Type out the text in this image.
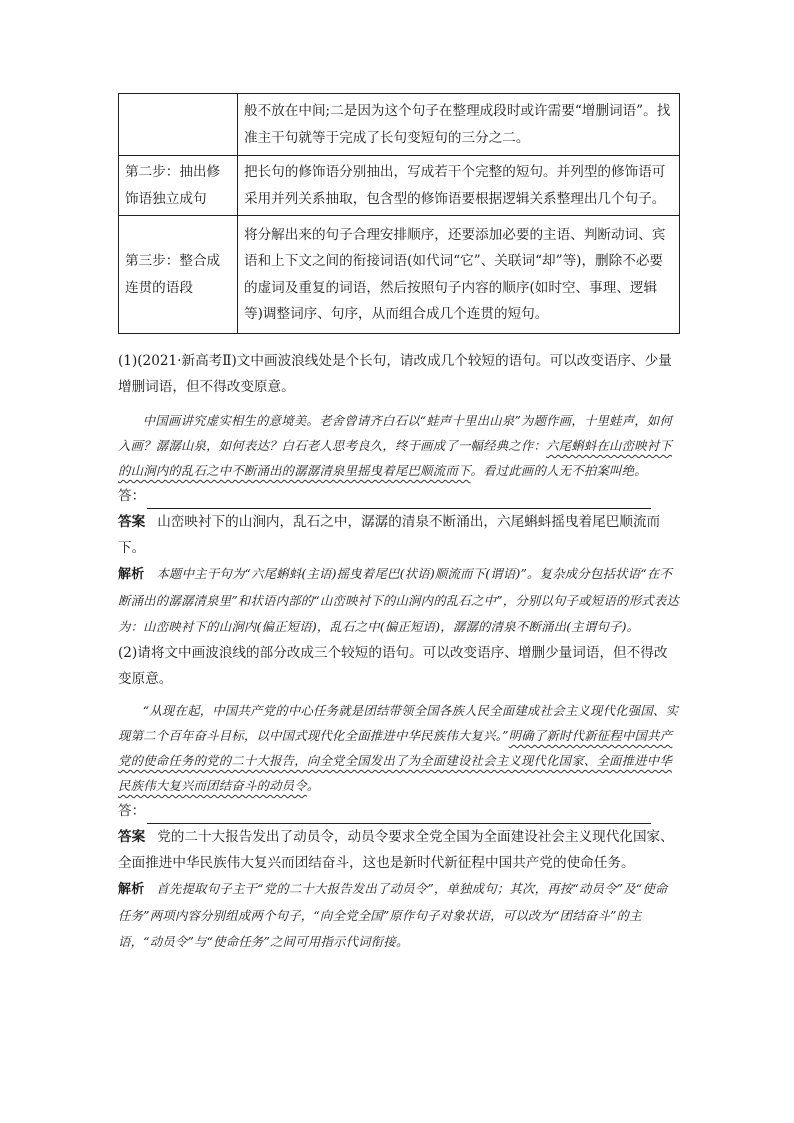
	般不放在中间;二是因为这个句子在整理成段时或许需要“增删词语”。找准主干句就等于完成了长句变短句的三分之二。
第二步：抽出修饰语独立成句	把长句的修饰语分别抽出，写成若干个完整的短句。并列型的修饰语可采用并列关系抽取，包含型的修饰语要根据逻辑关系整理出几个句子。
第三步：整合成连贯的语段	将分解出来的句子合理安排顺序，还要添加必要的主语、判断动词、宾语和上下文之间的衔接词语(如代词“它”、关联词“却”等)，删除不必要的虚词及重复的词语，然后按照句子内容的顺序(如时空、事理、逻辑等)调整词序、句序，从而组合成几个连贯的短句。

(1)(2021·新高考Ⅱ)文中画波浪线处是个长句，请改成几个较短的语句。可以改变语序、少量增删词语，但不得改变原意。

中国画讲究虚实相生的意境美。老舍曾请齐白石以“蛙声十里出山泉”为题作画，十里蛙声，如何入画？潺潺山泉，如何表达？白石老人思考良久，终于画成了一幅经典之作：六尾蝌蚪在山峦映衬下的山涧内的乱石之中不断涌出的潺潺清泉里摇曳着尾巴顺流而下。看过此画的人无不拍案叫绝。

答：

答案 山峦映衬下的山涧内，乱石之中，潺潺的清泉不断涌出，六尾蝌蚪摇曳着尾巴顺流而下。

解析 本题中主干句为“六尾蝌蚪(主语)摇曳着尾巴(状语)顺流而下(谓语)”。复杂成分包括状语“在不断涌出的潺潺清泉里”和状语内部的“山峦映衬下的山涧内的乱石之中”，分别以句子或短语的形式表达为：山峦映衬下的山涧内(偏正短语)，乱石之中(偏正短语)，潺潺的清泉不断涌出(主谓句子)。

(2)请将文中画波浪线的部分改成三个较短的语句。可以改变语序、增删少量词语，但不得改变原意。

“从现在起，中国共产党的中心任务就是团结带领全国各族人民全面建成社会主义现代化强国、实现第二个百年奋斗目标，以中国式现代化全面推进中华民族伟大复兴。”明确了新时代新征程中国共产党的使命任务的党的二十大报告，向全党全国发出了为全面建设社会主义现代化国家、全面推进中华民族伟大复兴而团结奋斗的动员令。

答：

答案 党的二十大报告发出了动员令，动员令要求全党全国为全面建设社会主义现代化国家、全面推进中华民族伟大复兴而团结奋斗，这也是新时代新征程中国共产党的使命任务。

解析 首先提取句子主干“党的二十大报告发出了动员令”，单独成句；其次，再按“动员令”及“使命任务”两项内容分别组成两个句子，“向全党全国”原作句子对象状语，可以改为“团结奋斗”的主语，“动员令”与“使命任务”之间可用指示代词衔接。
